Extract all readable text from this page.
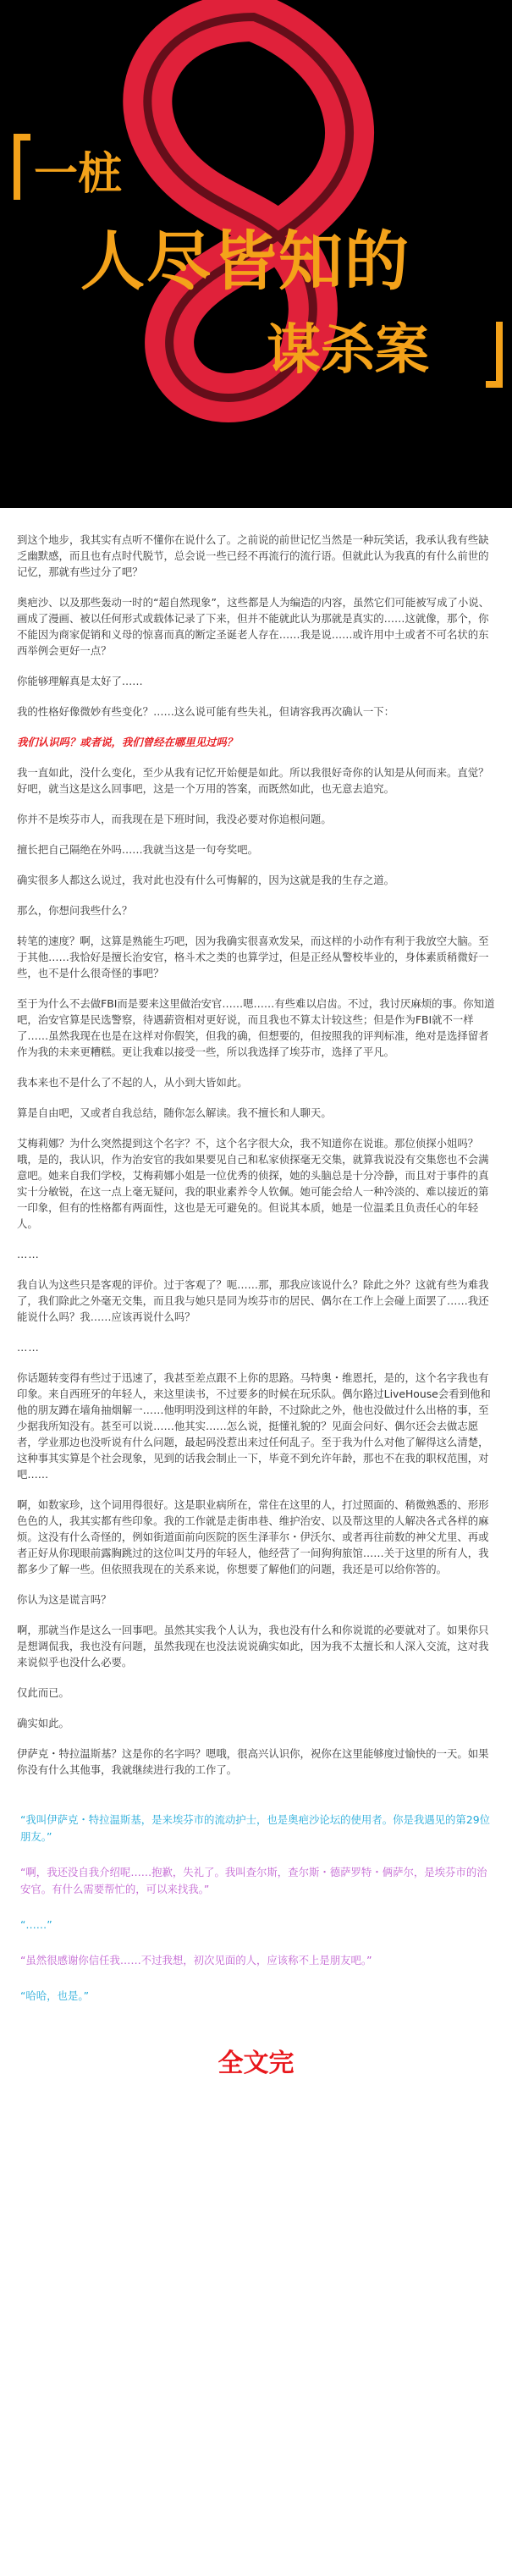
一桩
人尽皆知的
谋杀案

到这个地步，我其实有点听不懂你在说什么了。之前说的前世记忆当然是一种玩笑话，我承认我有些缺乏幽默感，而且也有点时代脱节，总会说一些已经不再流行的流行语。但就此认为我真的有什么前世的记忆，那就有些过分了吧？

奥疤沙、以及那些轰动一时的“超自然现象”，这些都是人为编造的内容，虽然它们可能被写成了小说、画成了漫画、被以任何形式或载体记录了下来，但并不能就此认为那就是真实的……这就像，那个，你不能因为商家促销和义母的惊喜而真的断定圣诞老人存在……我是说……或许用中土或者不可名状的东西举例会更好一点？

你能够理解真是太好了……

我的性格好像微妙有些变化？……这么说可能有些失礼，但请容我再次确认一下：

我们认识吗？或者说，我们曾经在哪里见过吗？

我一直如此，没什么变化，至少从我有记忆开始便是如此。所以我很好奇你的认知是从何而来。直觉？好吧，就当这是这么回事吧，这是一个万用的答案，而既然如此，也无意去追究。

你并不是埃芬市人，而我现在是下班时间，我没必要对你追根问题。

擅长把自己隔绝在外吗……我就当这是一句夸奖吧。

确实很多人都这么说过，我对此也没有什么可悔解的，因为这就是我的生存之道。

那么，你想问我些什么？

转笔的速度？啊，这算是熟能生巧吧，因为我确实很喜欢发呆，而这样的小动作有利于我放空大脑。至于其他……我恰好是擅长治安官，格斗术之类的也算学过，但是正经从警校毕业的，身体素质稍微好一些，也不是什么很奇怪的事吧？

至于为什么不去做FBI而是要来这里做治安官……嗯……有些难以启齿。不过，我讨厌麻烦的事。你知道吧，治安官算是民选警察，待遇薪资相对更好说，而且我也不算太计较这些；但是作为FBI就不一样了……虽然我现在也是在这样对你假笑，但我的确，但想要的，但按照我的评判标准，绝对是选择留者作为我的未来更糟糕。更让我难以接受一些，所以我选择了埃芬市，选择了平凡。

我本来也不是什么了不起的人，从小到大皆如此。

算是自由吧，又或者自我总结，随你怎么解读。我不擅长和人聊天。

艾梅莉娜？为什么突然提到这个名字？不，这个名字很大众，我不知道你在说谁。那位侦探小姐吗？哦，是的，我认识，作为治安官的我如果要见自己和私家侦探毫无交集，就算我说没有交集您也不会满意吧。她来自我们学校，艾梅莉娜小姐是一位优秀的侦探，她的头脑总是十分冷静，而且对于事件的真实十分敏锐，在这一点上毫无疑问，我的职业素养令人钦佩。她可能会给人一种冷淡的、难以接近的第一印象，但有的性格都有两面性，这也是无可避免的。但说其本质，她是一位温柔且负责任心的年轻人。

……

我自认为这些只是客观的评价。过于客观了？呃……那，那我应该说什么？除此之外？这就有些为难我了，我们除此之外毫无交集，而且我与她只是同为埃芬市的居民、偶尔在工作上会碰上面罢了……我还能说什么吗？我……应该再说什么吗？

……

你话题转变得有些过于迅速了，我甚至差点跟不上你的思路。马特奥・维恩托，是的，这个名字我也有印象。来自西班牙的年轻人，来这里读书，不过要多的时候在玩乐队。偶尔路过LiveHouse会看到他和他的朋友蹲在墙角抽烟解一……他明明没到这样的年龄，不过除此之外，他也没做过什么出格的事，至少据我所知没有。甚至可以说……他其实……怎么说，挺懂礼貌的？见面会问好、偶尔还会去做志愿者，学业那边也没听说有什么问题，最起码没惹出来过任何乱子。至于我为什么对他了解得这么清楚，这种事其实算是个社会现象，见到的话我会制止一下，毕竟不到允许年龄，那也不在我的职权范围，对吧……

啊，如数家珍，这个词用得很好。这是职业病所在，常住在这里的人，打过照面的、稍微熟悉的、形形色色的人，我其实都有些印象。我的工作就是走街串巷、维护治安、以及帮这里的人解决各式各样的麻烦。这没有什么奇怪的，例如街道面前向医院的医生泽菲尔・伊沃尔、或者再往前数的神父尤里、再或者正好从你现眼前露胸跳过的这位叫艾丹的年轻人，他经营了一间狗狗旅馆……关于这里的所有人，我都多少了解一些。但依照我现在的关系来说，你想要了解他们的问题，我还是可以给你答的。

你认为这是谎言吗？

啊，那就当作是这么一回事吧。虽然其实我个人认为，我也没有什么和你说谎的必要就对了。如果你只是想调侃我，我也没有问题，虽然我现在也没法说说确实如此，因为我不太擅长和人深入交流，这对我来说似乎也没什么必要。

仅此而已。

确实如此。

伊萨克・特拉温斯基？这是你的名字吗？嗯哦，很高兴认识你，祝你在这里能够度过愉快的一天。如果你没有什么其他事，我就继续进行我的工作了。

“我叫伊萨克・特拉温斯基，是来埃芬市的流动护士，也是奥疤沙论坛的使用者。你是我遇见的第29位朋友。”

“啊，我还没自我介绍呢……抱歉，失礼了。我叫查尔斯，查尔斯・德萨罗特・俩萨尔，是埃芬市的治安官。有什么需要帮忙的，可以来找我。”

“……”

“虽然很感谢你信任我……不过我想，初次见面的人，应该称不上是朋友吧。”

“哈哈，也是。”

全文完
